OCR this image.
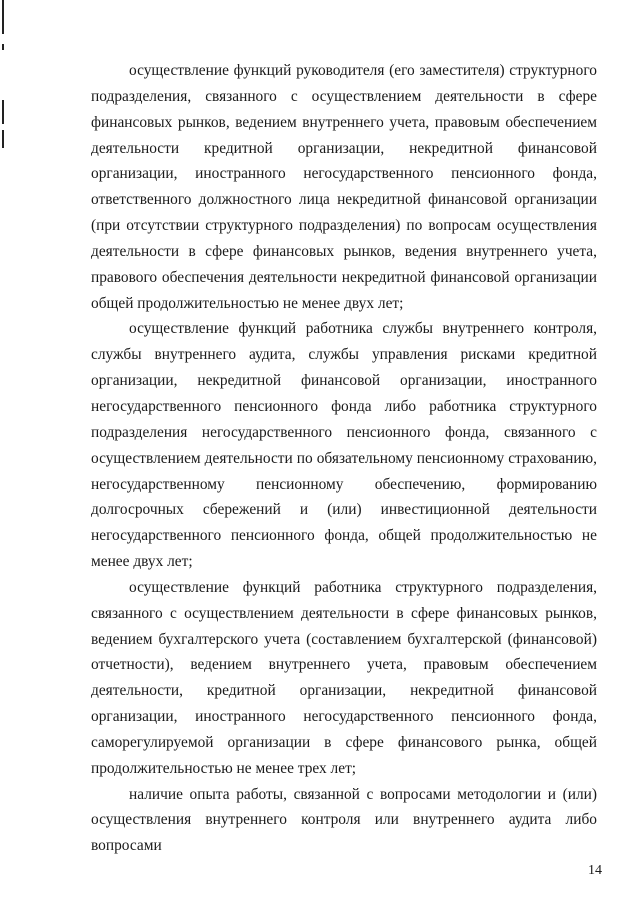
осуществление функций руководителя (его заместителя) структурного подразделения, связанного с осуществлением деятельности в сфере финансовых рынков, ведением внутреннего учета, правовым обеспечением деятельности кредитной организации, некредитной финансовой организации, иностранного негосударственного пенсионного фонда, ответственного должностного лица некредитной финансовой организации (при отсутствии структурного подразделения) по вопросам осуществления деятельности в сфере финансовых рынков, ведения внутреннего учета, правового обеспечения деятельности некредитной финансовой организации общей продолжительностью не менее двух лет;

осуществление функций работника службы внутреннего контроля, службы внутреннего аудита, службы управления рисками кредитной организации, некредитной финансовой организации, иностранного негосударственного пенсионного фонда либо работника структурного подразделения негосударственного пенсионного фонда, связанного с осуществлением деятельности по обязательному пенсионному страхованию, негосударственному пенсионному обеспечению, формированию долгосрочных сбережений и (или) инвестиционной деятельности негосударственного пенсионного фонда, общей продолжительностью не менее двух лет;

осуществление функций работника структурного подразделения, связанного с осуществлением деятельности в сфере финансовых рынков, ведением бухгалтерского учета (составлением бухгалтерской (финансовой) отчетности), ведением внутреннего учета, правовым обеспечением деятельности, кредитной организации, некредитной финансовой организации, иностранного негосударственного пенсионного фонда, саморегулируемой организации в сфере финансового рынка, общей продолжительностью не менее трех лет;

наличие опыта работы, связанной с вопросами методологии и (или) осуществления внутреннего контроля или внутреннего аудита либо вопросами

14
